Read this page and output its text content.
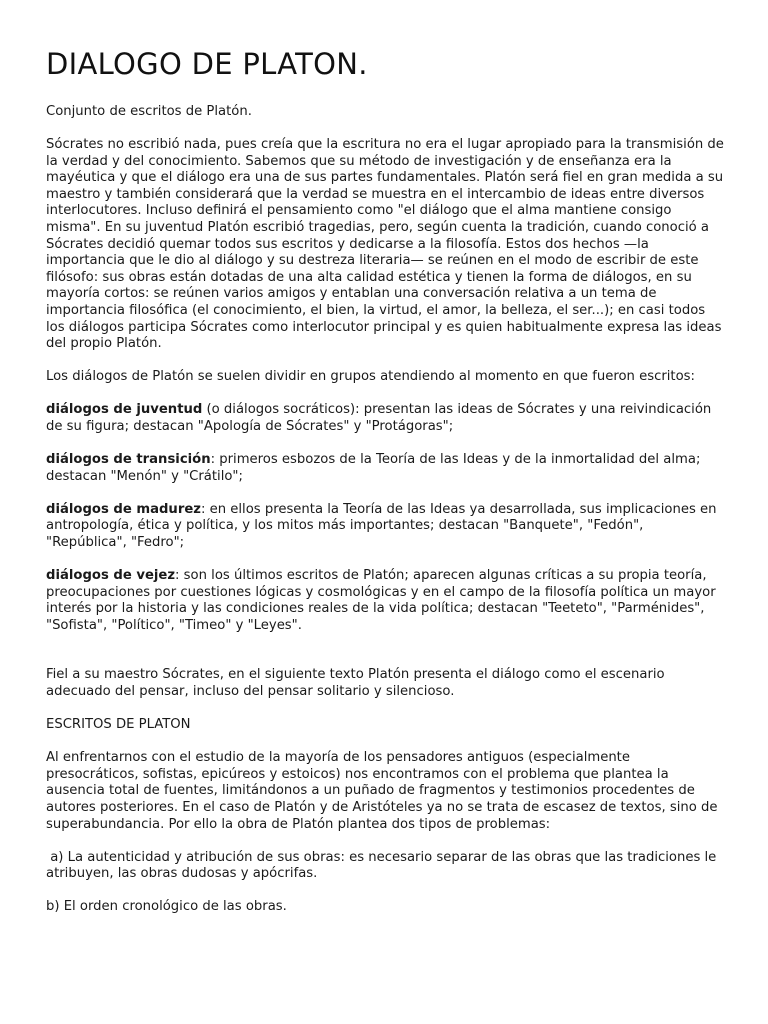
DIALOGO DE PLATON.

Conjunto de escritos de Platón.

Sócrates no escribió nada, pues creía que la escritura no era el lugar apropiado para la transmisión de la verdad y del conocimiento. Sabemos que su método de investigación y de enseñanza era la mayéutica y que el diálogo era una de sus partes fundamentales. Platón será fiel en gran medida a su maestro y también considerará que la verdad se muestra en el intercambio de ideas entre diversos interlocutores. Incluso definirá el pensamiento como "el diálogo que el alma mantiene consigo misma". En su juventud Platón escribió tragedias, pero, según cuenta la tradición, cuando conoció a Sócrates decidió quemar todos sus escritos y dedicarse a la filosofía. Estos dos hechos —la importancia que le dio al diálogo y su destreza literaria— se reúnen en el modo de escribir de este filósofo: sus obras están dotadas de una alta calidad estética y tienen la forma de diálogos, en su mayoría cortos: se reúnen varios amigos y entablan una conversación relativa a un tema de importancia filosófica (el conocimiento, el bien, la virtud, el amor, la belleza, el ser...); en casi todos los diálogos participa Sócrates como interlocutor principal y es quien habitualmente expresa las ideas del propio Platón.

Los diálogos de Platón se suelen dividir en grupos atendiendo al momento en que fueron escritos:

diálogos de juventud (o diálogos socráticos): presentan las ideas de Sócrates y una reivindicación de su figura; destacan "Apología de Sócrates" y "Protágoras";

diálogos de transición: primeros esbozos de la Teoría de las Ideas y de la inmortalidad del alma; destacan "Menón" y "Crátilo";

diálogos de madurez: en ellos presenta la Teoría de las Ideas ya desarrollada, sus implicaciones en antropología, ética y política, y los mitos más importantes; destacan "Banquete", "Fedón", "República", "Fedro";

diálogos de vejez: son los últimos escritos de Platón; aparecen algunas críticas a su propia teoría, preocupaciones por cuestiones lógicas y cosmológicas y en el campo de la filosofía política un mayor interés por la historia y las condiciones reales de la vida política; destacan "Teeteto", "Parménides", "Sofista", "Político", "Timeo" y "Leyes".

Fiel a su maestro Sócrates, en el siguiente texto Platón presenta el diálogo como el escenario adecuado del pensar, incluso del pensar solitario y silencioso.

ESCRITOS DE PLATON

Al enfrentarnos con el estudio de la mayoría de los pensadores antiguos (especialmente presocráticos, sofistas, epicúreos y estoicos) nos encontramos con el problema que plantea la ausencia total de fuentes, limitándonos a un puñado de fragmentos y testimonios procedentes de autores posteriores. En el caso de Platón y de Aristóteles ya no se trata de escasez de textos, sino de superabundancia. Por ello la obra de Platón plantea dos tipos de problemas:

a) La autenticidad y atribución de sus obras: es necesario separar de las obras que las tradiciones le atribuyen, las obras dudosas y apócrifas.

b) El orden cronológico de las obras.
